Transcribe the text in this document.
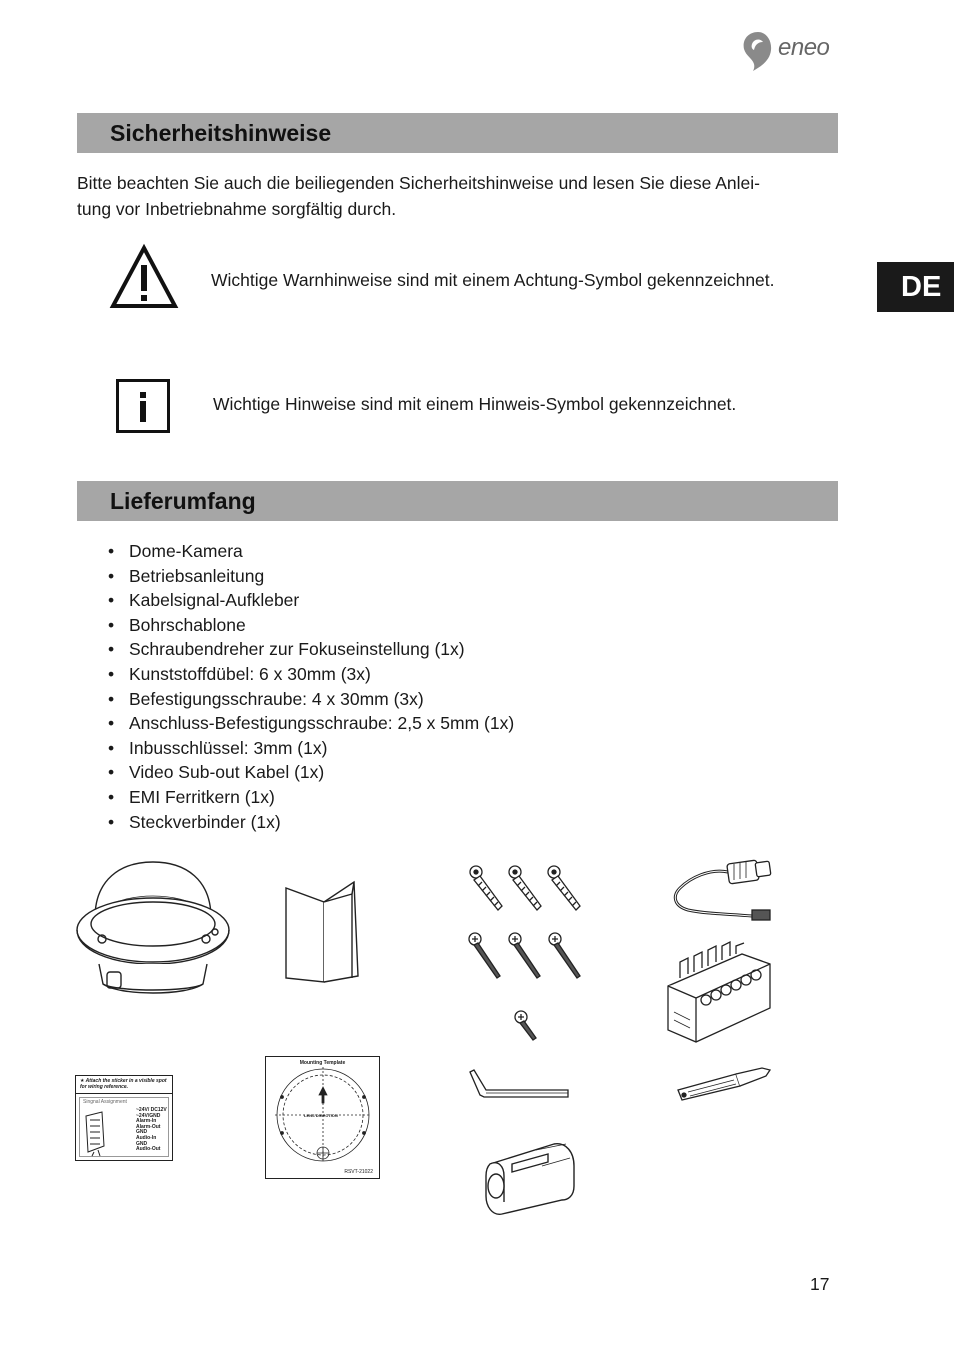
eneo
DE
Sicherheitshinweise
Bitte beachten Sie auch die beiliegenden Sicherheitshinweise und lesen Sie diese Anlei-
tung vor Inbetriebnahme sorgfältig durch.
Wichtige Warnhinweise sind mit einem Achtung-Symbol gekennzeichnet.
Wichtige Hinweise sind mit einem Hinweis-Symbol gekennzeichnet.
Lieferumfang
• Dome-Kamera
• Betriebsanleitung
• Kabelsignal-Aufkleber
• Bohrschablone
• Schraubendreher zur Fokuseinstellung (1x)
• Kunststoffdübel: 6 x 30mm (3x)
• Befestigungsschraube: 4 x 30mm (3x)
• Anschluss-Befestigungsschraube: 2,5 x 5mm (1x)
• Inbusschlüssel: 3mm (1x)
• Video Sub-out Kabel (1x)
• EMI Ferritkern (1x)
• Steckverbinder (1x)
★ Attach the sticker in a visible spot for wiring reference.
Singnal Assignment
~24V/ DC12V
~24V/GND
Alarm-In
Alarm-Out
GND
Audio-In
GND
Audio-Out
Mounting Template
LENS DIRECTION
RSVT-21022
17
